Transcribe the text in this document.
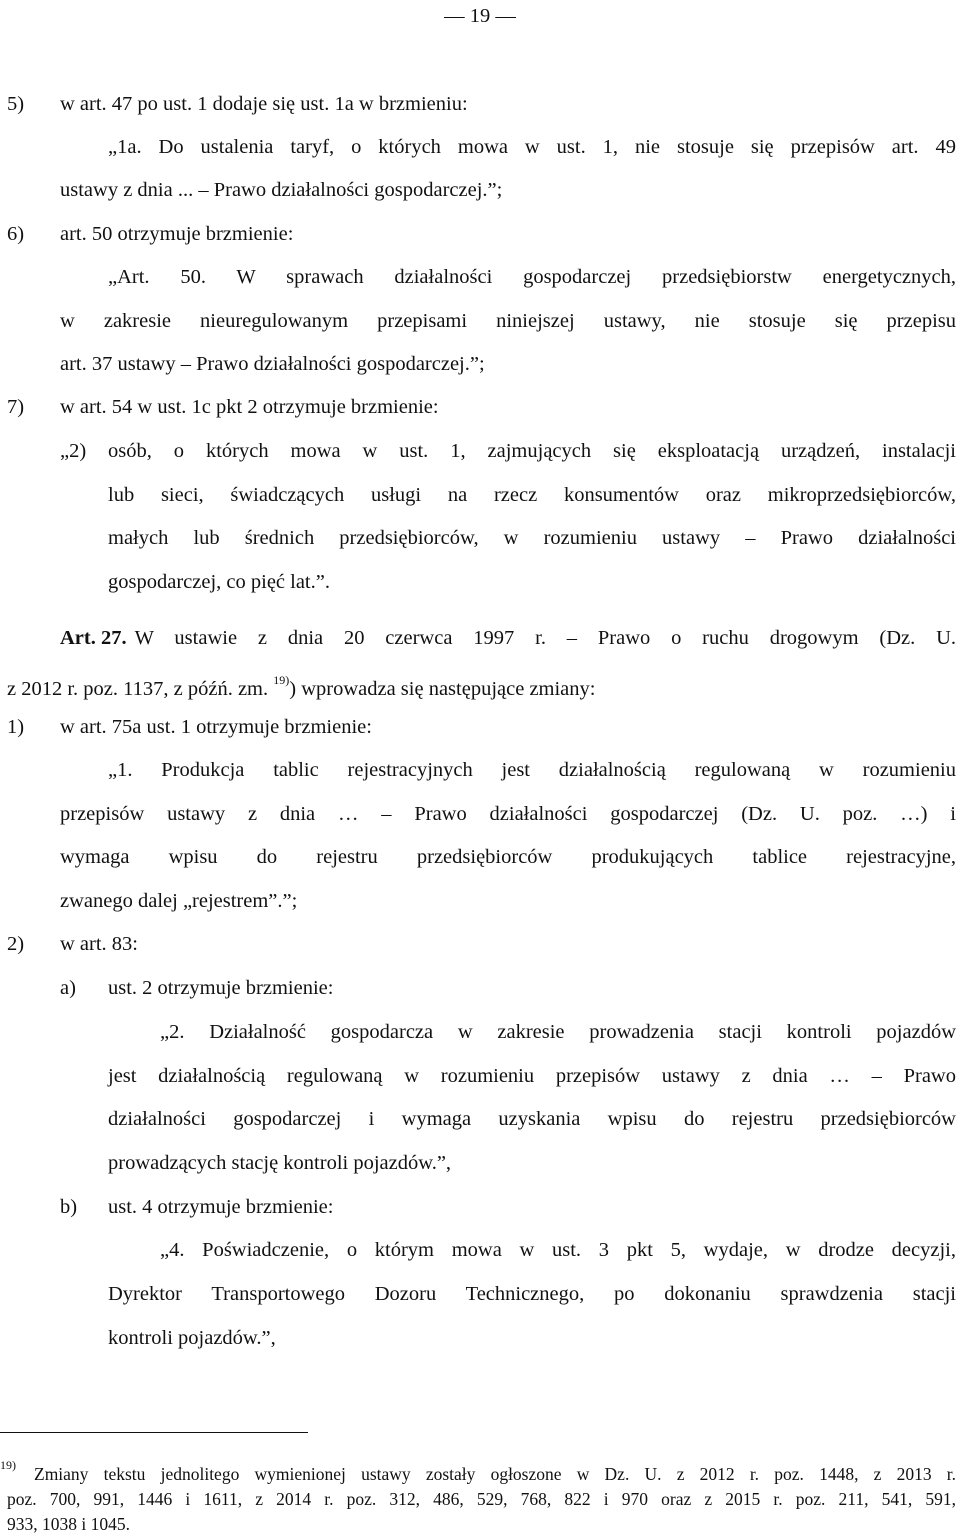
— 19 —
5) w art. 47 po ust. 1 dodaje się ust. 1a w brzmieniu:
„1a. Do ustalenia taryf, o których mowa w ust. 1, nie stosuje się przepisów art. 49
ustawy z dnia ... – Prawo działalności gospodarczej.”;
6) art. 50 otrzymuje brzmienie:
„Art. 50. W sprawach działalności gospodarczej przedsiębiorstw energetycznych,
w zakresie nieuregulowanym przepisami niniejszej ustawy, nie stosuje się przepisu
art. 37 ustawy – Prawo działalności gospodarczej.”;
7) w art. 54 w ust. 1c pkt 2 otrzymuje brzmienie:
„2) osób, o których mowa w ust. 1, zajmujących się eksploatacją urządzeń, instalacji
lub sieci, świadczących usługi na rzecz konsumentów oraz mikroprzedsiębiorców,
małych lub średnich przedsiębiorców, w rozumieniu ustawy – Prawo działalności
gospodarczej, co pięć lat.”.
Art. 27. W ustawie z dnia 20 czerwca 1997 r. – Prawo o ruchu drogowym (Dz. U.
z 2012 r. poz. 1137, z późń. zm. $^{19)}$) wprowadza się następujące zmiany:
1) w art. 75a ust. 1 otrzymuje brzmienie:
„1. Produkcja tablic rejestracyjnych jest działalnością regulowaną w rozumieniu
przepisów ustawy z dnia … – Prawo działalności gospodarczej (Dz. U. poz. …) i
wymaga wpisu do rejestru przedsiębiorców produkujących tablice rejestracyjne,
zwanego dalej „rejestrem”.”;
2) w art. 83:
a) ust. 2 otrzymuje brzmienie:
„2. Działalność gospodarcza w zakresie prowadzenia stacji kontroli pojazdów
jest działalnością regulowaną w rozumieniu przepisów ustawy z dnia … – Prawo
działalności gospodarczej i wymaga uzyskania wpisu do rejestru przedsiębiorców
prowadzących stację kontroli pojazdów.”,
b) ust. 4 otrzymuje brzmienie:
„4. Poświadczenie, o którym mowa w ust. 3 pkt 5, wydaje, w drodze decyzji,
Dyrektor Transportowego Dozoru Technicznego, po dokonaniu sprawdzenia stacji
kontroli pojazdów.”,
19) Zmiany tekstu jednolitego wymienionej ustawy zostały ogłoszone w Dz. U. z 2012 r. poz. 1448, z 2013 r.
poz. 700, 991, 1446 i 1611, z 2014 r. poz. 312, 486, 529, 768, 822 i 970 oraz z 2015 r. poz. 211, 541, 591,
933, 1038 i 1045.
